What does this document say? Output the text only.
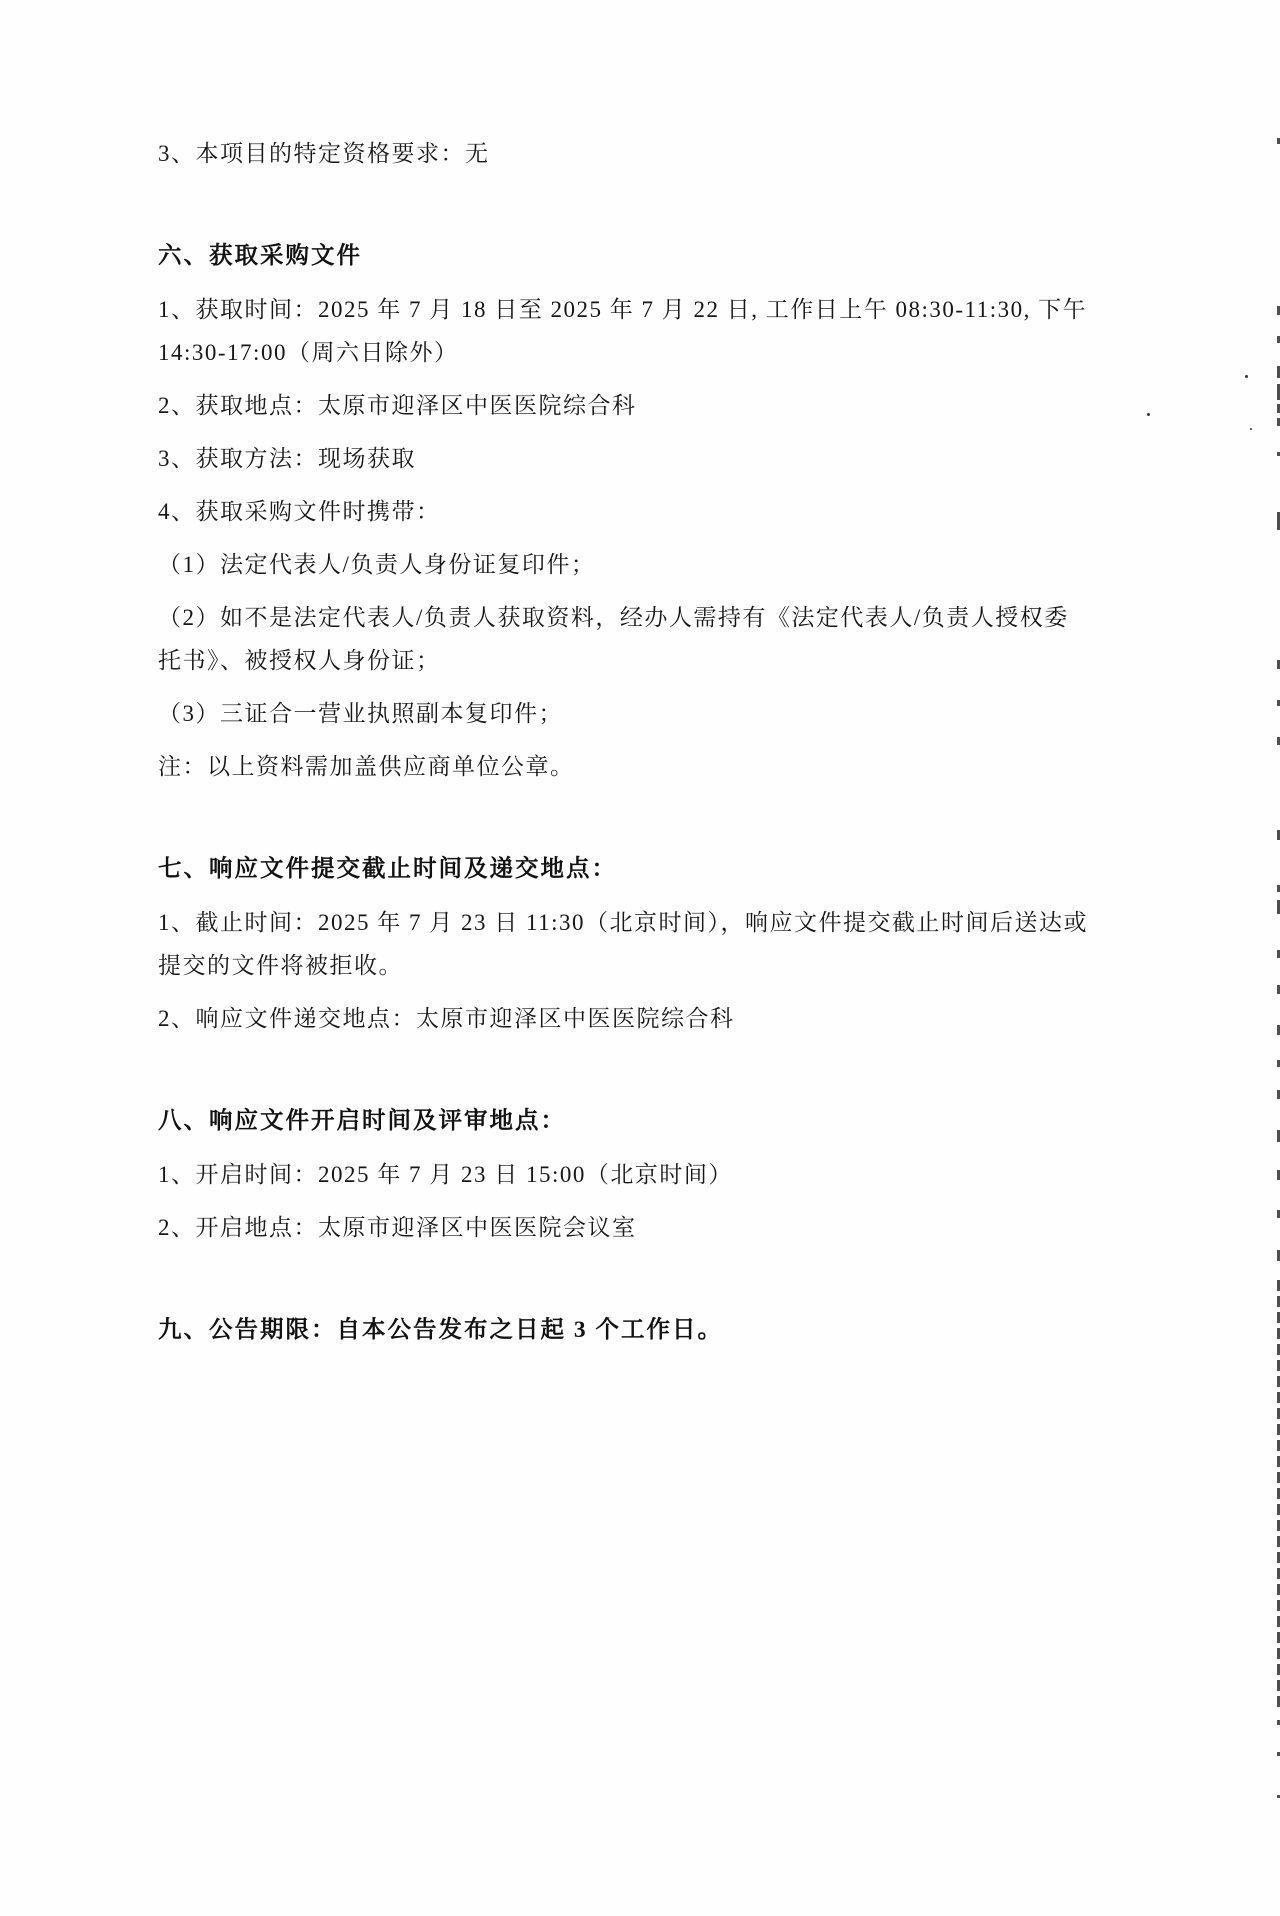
3、本项目的特定资格要求：无

六、获取采购文件

1、获取时间：2025 年 7 月 18 日至 2025 年 7 月 22 日, 工作日上午 08:30-11:30, 下午 14:30-17:00（周六日除外）

2、获取地点：太原市迎泽区中医医院综合科

3、获取方法：现场获取

4、获取采购文件时携带：

（1）法定代表人/负责人身份证复印件；

（2）如不是法定代表人/负责人获取资料，经办人需持有《法定代表人/负责人授权委托书》、被授权人身份证；

（3）三证合一营业执照副本复印件；

注：以上资料需加盖供应商单位公章。

七、响应文件提交截止时间及递交地点：

1、截止时间：2025 年 7 月 23 日 11:30（北京时间），响应文件提交截止时间后送达或提交的文件将被拒收。

2、响应文件递交地点：太原市迎泽区中医医院综合科

八、响应文件开启时间及评审地点：

1、开启时间：2025 年 7 月 23 日 15:00（北京时间）

2、开启地点：太原市迎泽区中医医院会议室

九、公告期限：自本公告发布之日起 3 个工作日。
